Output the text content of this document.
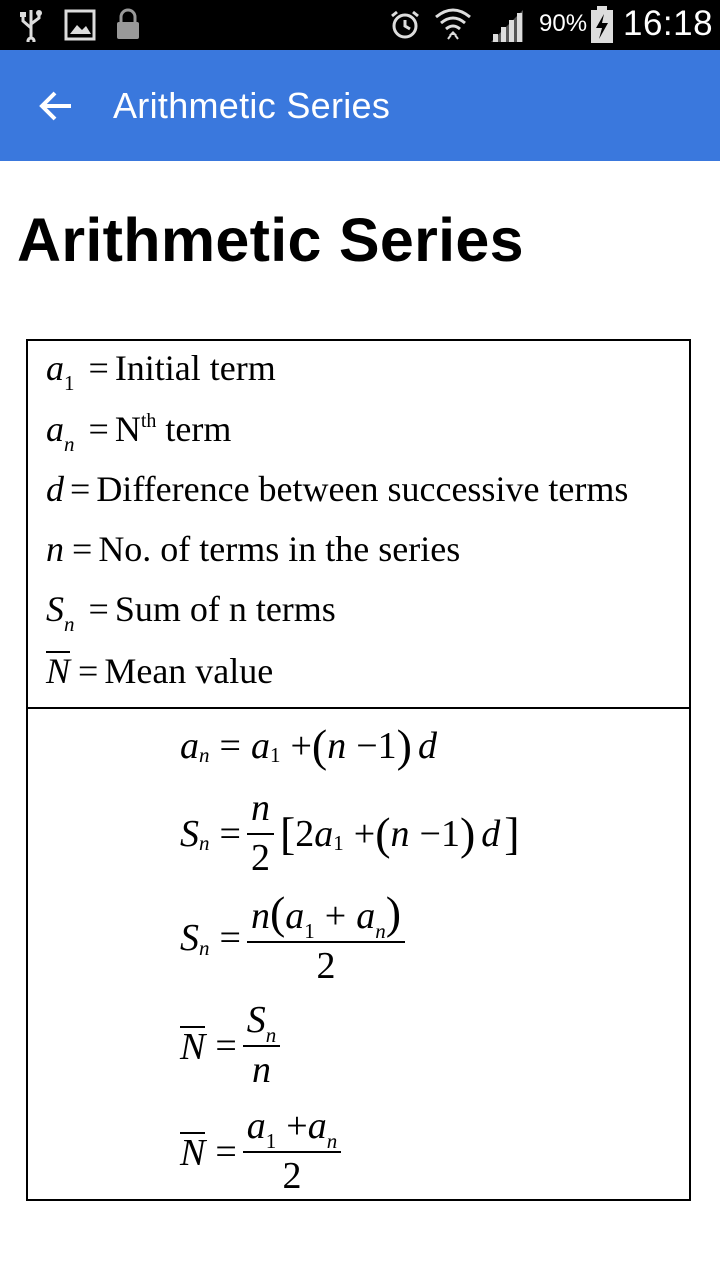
90% 16:18
Arithmetic Series
Arithmetic Series
$a_1$ = Initial term
$a_n = N^{th}$ term
d = Difference between successive terms
n = No. of terms in the series
$S_n$ = Sum of n terms
N = Mean value
a n = a 1 + ( n − 1 ) d
S $n = \frac{n}{2}$ [ 2 a 1 + ( n − 1 ) d ]
S $n = \frac{n(a_1 + a_n)}{2}$
$N = \frac{S_n}{n}$
$N = \frac{a_1 +a_n}{2}$
